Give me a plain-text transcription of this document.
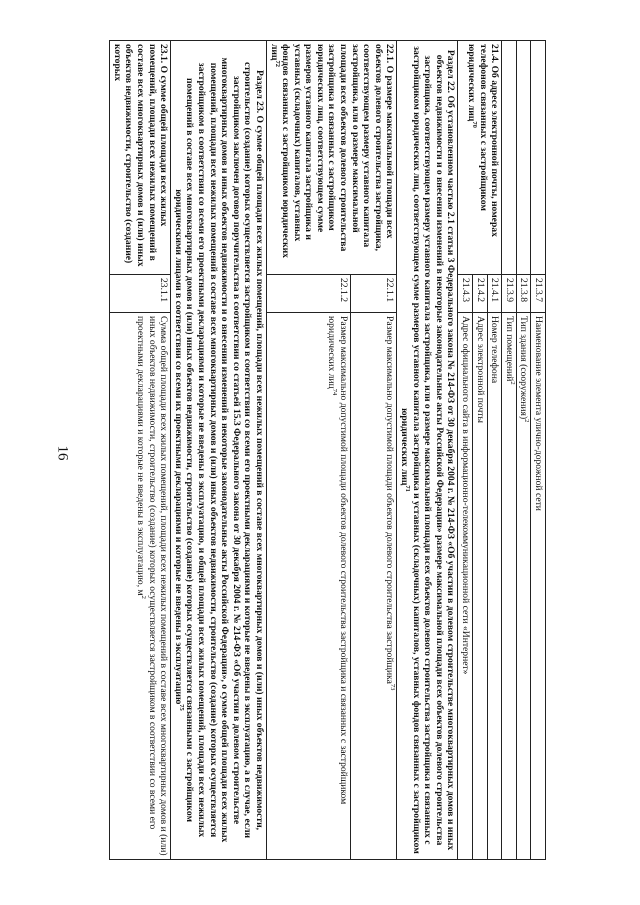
16
	21.3.7	Наименование элемента улично-дорожной сети
	21.3.8	Тип здания (сооружения)$^2$
	21.3.9	Тип помещений$^2$
21.4. Об адресе электронной почты, номерах телефонов связанных с застройщиком юридических лиц$^{70}$	21.4.1	Номер телефона
	21.4.2	Адрес электронной почты
	21.4.3	Адрес официального сайта в информационно-телекоммуникационной сети «Интернет»
Раздел 22. Об установленном частью 2.1 статьи 3 Федерального закона № 214-ФЗ от 30 декабря 2004 г. № 214-ФЗ «Об участии в долевом строительстве многоквартирных домов и иных объектов недвижимости и о внесении изменений в некоторые законодательные акты Российской Федерации» размере максимальной площади всех объектов долевого строительства застройщика, соответствующем размеру уставного капитала застройщика, или о размере максимальной площади всех объектов долевого строительства застройщика и связанных с застройщиком юридических лиц, соответствующем сумме размеров уставного капитала застройщика и уставных (складочных) капиталов, уставных фондов связанных с застройщиком юридических лиц$^{71}$
22.1. О размере максимальной площади всех объектов долевого строительства застройщика, соответствующем размеру уставного капитала застройщика, или о размере максимальной площади всех объектов долевого строительства застройщика и связанных с застройщиком юридических лиц, соответствующем сумме размеров уставного капитала застройщика и уставных (складочных) капиталов, уставных фондов связанных с застройщиком юридических лиц$^{72}$	22.1.1	Размер максимально допустимой площади объектов долевого строительства застройщика$^{73}$
	22.1.2	Размер максимально допустимой площади объектов долевого строительства застройщика и связанных с застройщиком юридических лиц$^{74}$
Раздел 23. О сумме общей площади всех жилых помещений, площади всех нежилых помещений в составе всех многоквартирных домов и (или) иных объектов недвижимости, строительство (создание) которых осуществляется застройщиком в соответствии со всеми его проектными декларациями и которые не введены в эксплуатацию, а в случае, если застройщиком заключен договор поручительства в соответствии со статьей 15.3 Федерального закона от 30 декабря 2004 г. № 214-ФЗ «Об участии в долевом строительстве многоквартирных домов и иных объектов недвижимости и о внесении изменений в некоторые законодательные акты Российской Федерации», о сумме общей площади всех жилых помещений, площади всех нежилых помещений в составе всех многоквартирных домов и (или) иных объектов недвижимости, строительство (создание) которых осуществляется застройщиком в соответствии со всеми его проектными декларациями и которые не введены в эксплуатацию, и общей площади всех жилых помещений, площади всех нежилых помещений в составе всех многоквартирных домов и (или) иных объектов недвижимости, строительство (создание) которых осуществляется связанными с застройщиком юридическими лицами в соответствии со всеми их проектными декларациями и которые не введены в эксплуатацию$^{75}$
23.1. О сумме общей площади всех жилых помещений, площади всех нежилых помещений в составе всех многоквартирных домов и (или) иных объектов недвижимости, строительство (создание) которых	23.1.1	Сумма общей площади всех жилых помещений, площади всех нежилых помещений в составе всех многоквартирных домов и (или) иных объектов недвижимости, строительство (создание) которых осуществляется застройщиком в соответствии со всеми его проектными декларациями и которые не введены в эксплуатацию, $м^2$
